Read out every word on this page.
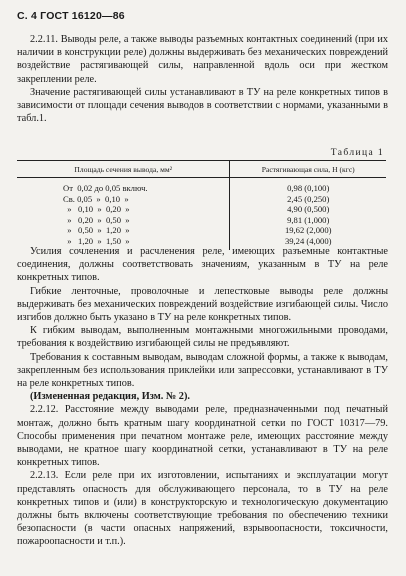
С. 4 ГОСТ 16120—86

2.2.11. Выводы реле, а также выводы разъемных контактных соединений (при их наличии в конструкции реле) должны выдерживать без механических повреждений воздействие растягивающей силы, направленной вдоль оси при жестком закреплении реле.

Значение растягивающей силы устанавливают в ТУ на реле конкретных типов в зависимости от площади сечения выводов в соответствии с нормами, указанными в табл.1.

Таблица 1
Площадь сечения вывода, мм²	Растягивающая сила, Н (кгс)
От  0,02 до 0,05 включ.	0,98 (0,100)
Св. 0,05  »  0,10  »	2,45 (0,250)
»   0,10  »  0,20  »	4,90 (0,500)
»   0,20  »  0,50  »	9,81 (1,000)
»   0,50  »  1,20  »	19,62 (2,000)
»   1,20  »  1,50  »	39,24 (4,000)

Усилия сочленения и расчленения реле, имеющих разъемные контактные соединения, должны соответствовать значениям, указанным в ТУ на реле конкретных типов.

Гибкие ленточные, проволочные и лепестковые выводы реле должны выдерживать без механических повреждений воздействие изгибающей силы. Число изгибов должно быть указано в ТУ на реле конкретных типов.

К гибким выводам, выполненным монтажными многожильными проводами, требования к воздействию изгибающей силы не предъявляют.

Требования к составным выводам, выводам сложной формы, а также к выводам, закрепленным без использования приклейки или запрессовки, устанавливают в ТУ на реле конкретных типов.

(Измененная редакция, Изм. № 2).

2.2.12. Расстояние между выводами реле, предназначенными под печатный монтаж, должно быть кратным шагу координатной сетки по ГОСТ 10317—79. Способы применения при печатном монтаже реле, имеющих расстояние между выводами, не кратное шагу координатной сетки, устанавливают в ТУ на реле конкретных типов.

2.2.13. Если реле при их изготовлении, испытаниях и эксплуатации могут представлять опасность для обслуживающего персонала, то в ТУ на реле конкретных типов и (или) в конструкторскую и технологическую документацию должны быть включены соответствующие требования по обеспечению техники безопасности (в части опасных напряжений, взрывоопасности, токсичности, пожароопасности и т.п.).
